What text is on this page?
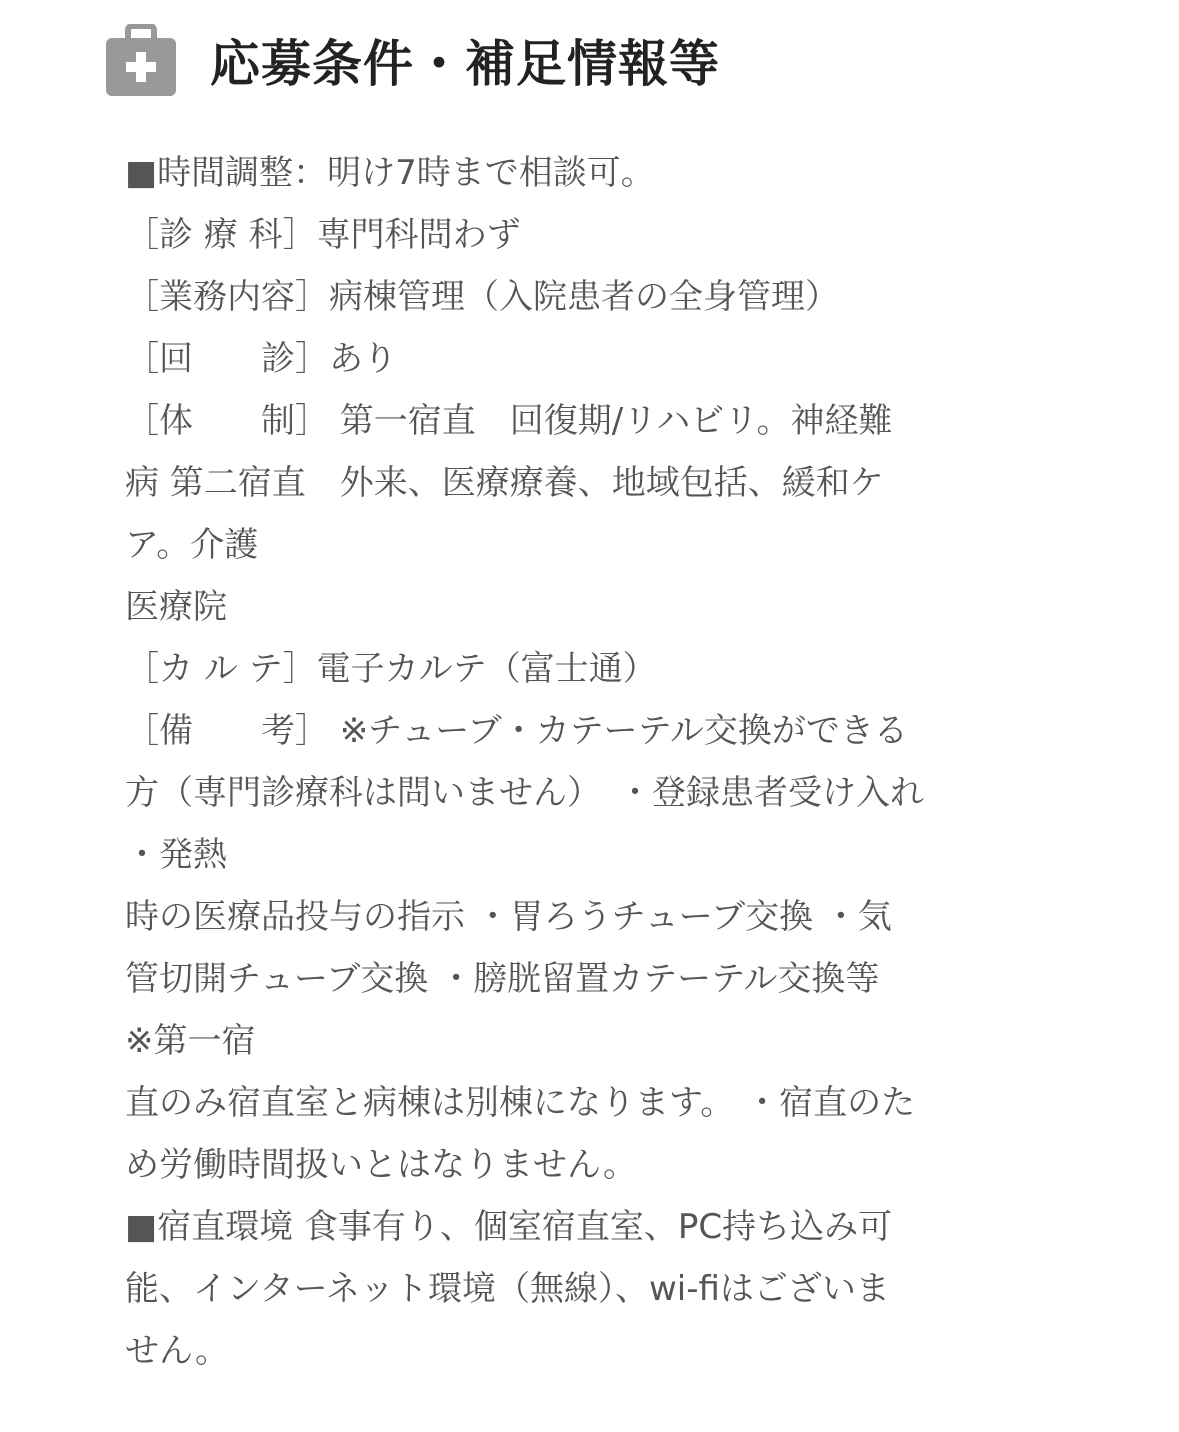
応募条件・補足情報等
■時間調整：明け7時まで相談可。
［診 療 科］専門科問わず
［業務内容］病棟管理（入院患者の全身管理）
［回　　診］あり
［体　　制］ 第一宿直　回復期/リハビリ。神経難
病 第二宿直　外来、医療療養、地域包括、緩和ケ
ア。介護
医療院
［カ ル テ］電子カルテ（富士通）
［備　　考］ ※チューブ・カテーテル交換ができる
方（専門診療科は問いません）　・登録患者受け入れ
・発熱
時の医療品投与の指示 ・胃ろうチューブ交換 ・気
管切開チューブ交換 ・膀胱留置カテーテル交換等
※第一宿
直のみ宿直室と病棟は別棟になります。 ・宿直のた
め労働時間扱いとはなりません。
■宿直環境 食事有り、個室宿直室、PC持ち込み可
能、インターネット環境（無線）、wi-fiはございま
せん。
